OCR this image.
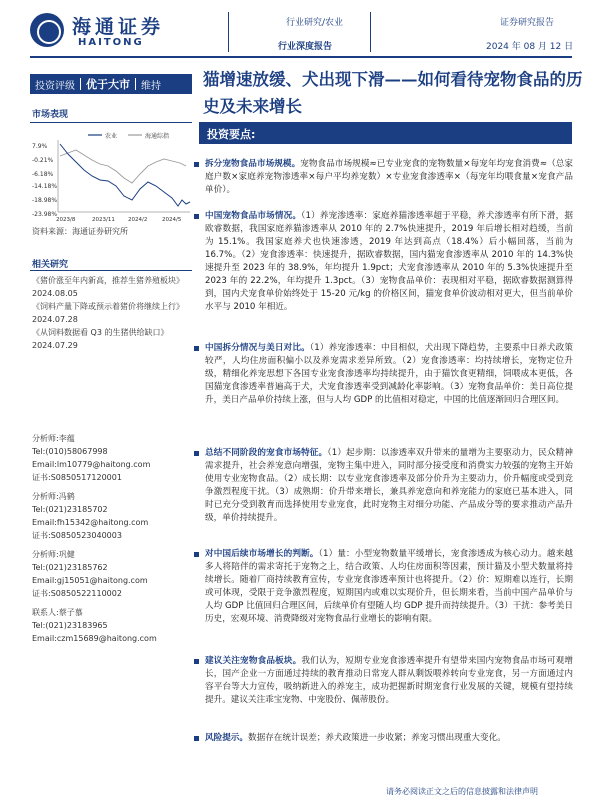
海通证券
HAITONG
行业研究/农业
行业深度报告
证券研究报告
2024 年 08 月 12 日
投资评级	优于大市	维持
市场表现
农业	海通综指
7.9%
-0.21%
-6.18%
-14.18%
-18.98%
-23.98%
2023/8	2023/11 2024/2	2024/5
资料来源：海通证券研究所
相关研究
《猪价涨至年内新高，推荐生猪养殖板块》
2024.08.05
《饲料产量下降或预示着猪价将继续上行》
2024.07.28
《从饲料数据看 Q3 的生猪供给缺口》
2024.07.29
分析师:李蕴
Tel:(010)58067998
Email:lm10779@haitong.com
证书:S0850517120001
分析师:冯鹤
Tel:(021)23185702
Email:fh15342@haitong.com
证书:S0850523040003
分析师:巩健
Tel:(021)23185762
Email:gj15051@haitong.com
证书:S0850522110002
联系人:蔡子慕
Tel:(021)23183965
Email:czm15689@haitong.com
猫增速放缓、犬出现下滑——如何看待宠物食品的历史及未来增长
投资要点:
拆分宠物食品市场规模。宠物食品市场规模≈已专业宠食的宠物数量×每宠年均宠食消费≈（总家庭户数×家庭养宠物渗透率×每户平均养宠数）×专业宠食渗透率×（每宠年均喂食量×宠食产品单价）。
中国宠物食品市场情况。（1）养宠渗透率：家庭养猫渗透率超于平稳，养犬渗透率有所下滑，据欧睿数据，我国家庭养猫渗透率从 2010 年的 2.7%快速提升，2019 年后增长相对趋缓，当前为 15.1%。我国家庭养犬也快速渗透，2019 年达到高点（18.4%）后小幅回落，当前为 16.7%。（2）宠食渗透率：快速提升，据欧睿数据，国内猫宠食渗透率从 2010 年的 14.3%快速提升至 2023 年的 38.9%，年均提升 1.9pct；犬宠食渗透率从 2010 年的 5.3%快速提升至 2023 年的 22.2%，年均提升 1.3pct。（3）宠物食品单价：表现相对平稳，据欧睿数据测算得到，国内犬宠食单价始终处于 15-20 元/kg 的价格区间，猫宠食单价波动相对更大，但当前单价水平与 2010 年相近。
中国拆分情况与美日对比。（1）养宠渗透率：中目相似，犬出现下降趋势，主要系中日养犬政策较严，人均住房面积偏小以及养宠需求差异所致。（2）宠食渗透率：均持续增长，宠物定位升级，精细化养宠思想下各国专业宠食渗透率均持续提升，由于猫饮食更精细，饲喂成本更低，各国猫宠食渗透率普遍高于犬，犬宠食渗透率受到减龄化率影响。（3）宠物食品单价：美日高位提升，美日产品单价持续上涨，但与人均 GDP 的比值相对稳定，中国的比值逐渐回归合理区间。
总结不同阶段的宠食市场特征。（1）起步期：以渗透率双升带来的量增为主要驱动力，民众精神需求提升，社会养宠意向增强，宠物主集中进入，同时部分接受度和消费实力较强的宠物主开始使用专业宠物食品。（2）成长期：以专业宠食渗透率及部分价升为主要动力，价升幅度或受到竞争激烈程度干扰。（3）成熟期：价升带来增长，兼具养宠意向和养宠能力的家庭已基本进入，同时已充分受到教育而选择使用专业宠食，此时宠物主对细分功能、产品成分等的要求推动产品升级，单价持续提升。
对中国后续市场增长的判断。（1）量：小型宠物数量平缓增长，宠食渗透成为核心动力。越来越多人将陪伴的需求寄托于宠物之上，结合政策、人均住房面积等因素，预计猫及小型犬数量将持续增长。随着厂商持续教育宣传，专业宠食渗透率预计也将提升。（2）价：短期难以连行，长期或可体现，受限于竞争激烈程度，短期国内或难以实现价升，但长期来看，当前中国产品单价与人均 GDP 比值回归合理区间，后续单价有望随人均 GDP 提升而持续提升。（3）干扰：参考美日历史，宏观环境、消费降级对宠物食品行业增长的影响有限。
建议关注宠物食品板块。我们认为，短期专业宠食渗透率提升有望带来国内宠物食品市场可观增长，国产企业一方面通过持续的教育推动日常宠人群从剩饭喂养转向专业宠食，另一方面通过内容平台等大力宣传，吸纳新进入的养宠主，成功把握新时期宠食行业发展的关键，规模有望持续提升。建议关注乖宝宠物、中宠股份、佩蒂股份。
风险提示。数据存在统计误差；养犬政策进一步收紧；养宠习惯出现重大变化。
请务必阅读正文之后的信息披露和法律声明
